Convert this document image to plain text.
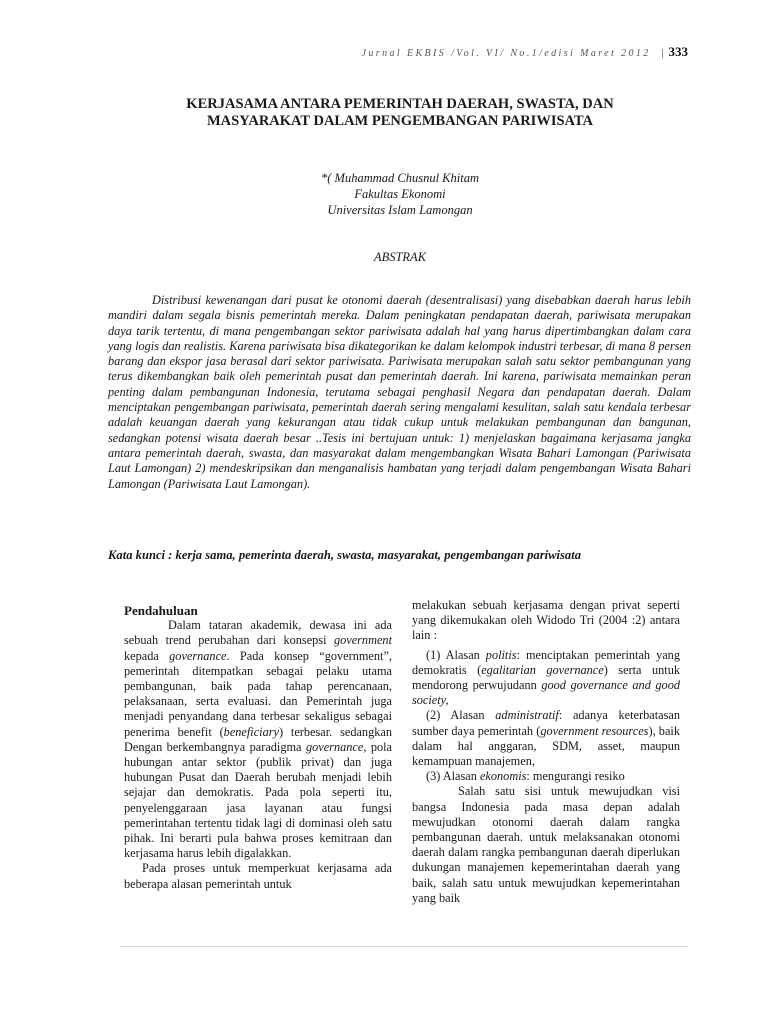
Jurnal EKBIS /Vol. VI/ No.1/edisi Maret 2012 | 333
KERJASAMA ANTARA PEMERINTAH DAERAH, SWASTA, DAN
MASYARAKAT DALAM PENGEMBANGAN PARIWISATA
*( Muhammad Chusnul Khitam
Fakultas Ekonomi
Universitas Islam Lamongan
ABSTRAK

Distribusi kewenangan dari pusat ke otonomi daerah (desentralisasi) yang disebabkan daerah harus lebih mandiri dalam segala bisnis pemerintah mereka. Dalam peningkatan pendapatan daerah, pariwisata merupakan daya tarik tertentu, di mana pengembangan sektor pariwisata adalah hal yang harus dipertimbangkan dalam cara yang logis dan realistis. Karena pariwisata bisa dikategorikan ke dalam kelompok industri terbesar, di mana 8 persen barang dan ekspor jasa berasal dari sektor pariwisata. Pariwisata merupakan salah satu sektor pembangunan yang terus dikembangkan baik oleh pemerintah pusat dan pemerintah daerah. Ini karena, pariwisata memainkan peran penting dalam pembangunan Indonesia, terutama sebagai penghasil Negara dan pendapatan daerah. Dalam menciptakan pengembangan pariwisata, pemerintah daerah sering mengalami kesulitan, salah satu kendala terbesar adalah keuangan daerah yang kekurangan atau tidak cukup untuk melakukan pembangunan dan bangunan, sedangkan potensi wisata daerah besar ..Tesis ini bertujuan untuk: 1) menjelaskan bagaimana kerjasama jangka antara pemerintah daerah, swasta, dan masyarakat dalam mengembangkan Wisata Bahari Lamongan (Pariwisata Laut Lamongan) 2) mendeskripsikan dan menganalisis hambatan yang terjadi dalam pengembangan Wisata Bahari Lamongan (Pariwisata Laut Lamongan).

Kata kunci : kerja sama, pemerinta daerah, swasta, masyarakat, pengembangan pariwisata

Pendahuluan

Dalam tataran akademik, dewasa ini ada sebuah trend perubahan dari konsepsi government kepada governance. Pada konsep “government”, pemerintah ditempatkan sebagai pelaku utama pembangunan, baik pada tahap perencanaan, pelaksanaan, serta evaluasi. dan Pemerintah juga menjadi penyandang dana terbesar sekaligus sebagai penerima benefit (beneficiary) terbesar. sedangkan Dengan berkembangnya paradigma governance, pola hubungan antar sektor (publik privat) dan juga hubungan Pusat dan Daerah berubah menjadi lebih sejajar dan demokratis. Pada pola seperti itu, penyelenggaraan jasa layanan atau fungsi pemerintahan tertentu tidak lagi di dominasi oleh satu pihak. Ini berarti pula bahwa proses kemitraan dan kerjasama harus lebih digalakkan.

Pada proses untuk memperkuat kerjasama ada beberapa alasan pemerintah untuk

melakukan sebuah kerjasama dengan privat seperti yang dikemukakan oleh Widodo Tri (2004 :2) antara lain :

(1) Alasan politis: menciptakan pemerintah yang demokratis (egalitarian governance) serta untuk mendorong perwujudann good governance and good society,

(2) Alasan administratif: adanya keterbatasan sumber daya pemerintah (government resources), baik dalam hal anggaran, SDM, asset, maupun kemampuan manajemen,

(3) Alasan ekonomis: mengurangi resiko

Salah satu sisi untuk mewujudkan visi bangsa Indonesia pada masa depan adalah mewujudkan otonomi daerah dalam rangka pembangunan daerah. untuk melaksanakan otonomi daerah dalam rangka pembangunan daerah diperlukan dukungan manajemen kepemerintahan daerah yang baik, salah satu untuk mewujudkan kepemerintahan yang baik
